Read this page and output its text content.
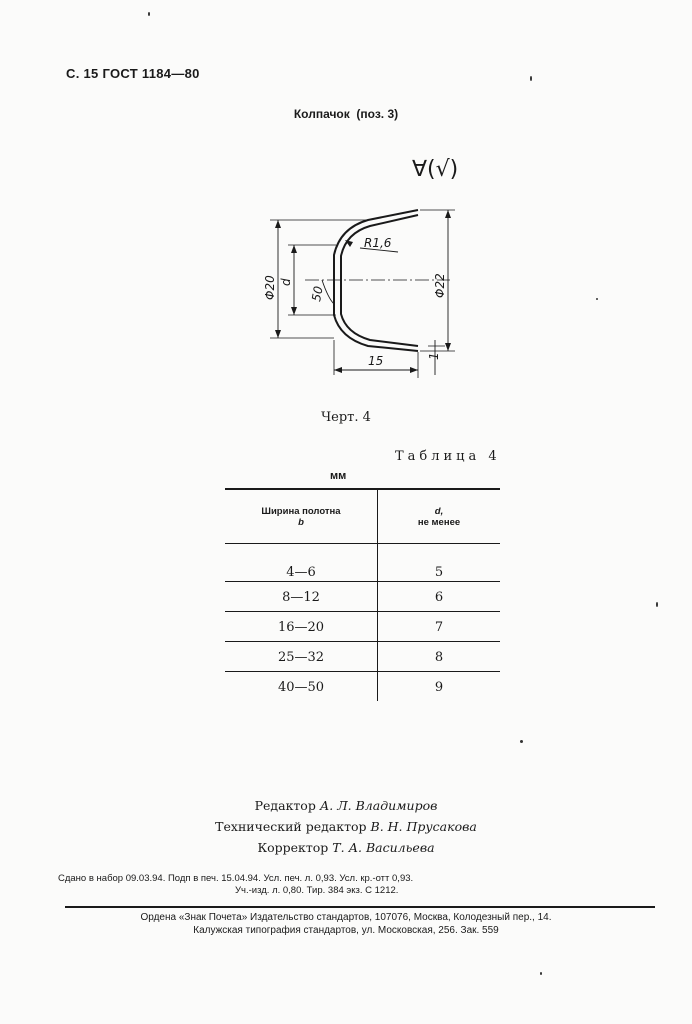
С. 15 ГОСТ 1184—80
Колпачок (поз. 3)
∀(√)
Φ20 d	Φ22
R1,6
50
15	1
Черт. 4
Таблица 4
мм
Ширина полотна
b	d,
не менее
4—6	5
8—12	6
16—20	7
25—32	8
40—50	9
Редактор А. Л. Владимиров
Технический редактор В. Н. Прусакова
Корректор Т. А. Васильева
Сдано в набор 09.03.94. Подп в печ. 15.04.94. Усл. печ. л. 0,93. Усл. кр.-отт 0,93.
Уч.-изд. л. 0,80. Тир. 384 экз. С 1212.
Ордена «Знак Почета» Издательство стандартов, 107076, Москва, Колодезный пер., 14.
Калужская типография стандартов, ул. Московская, 256. Зак. 559
